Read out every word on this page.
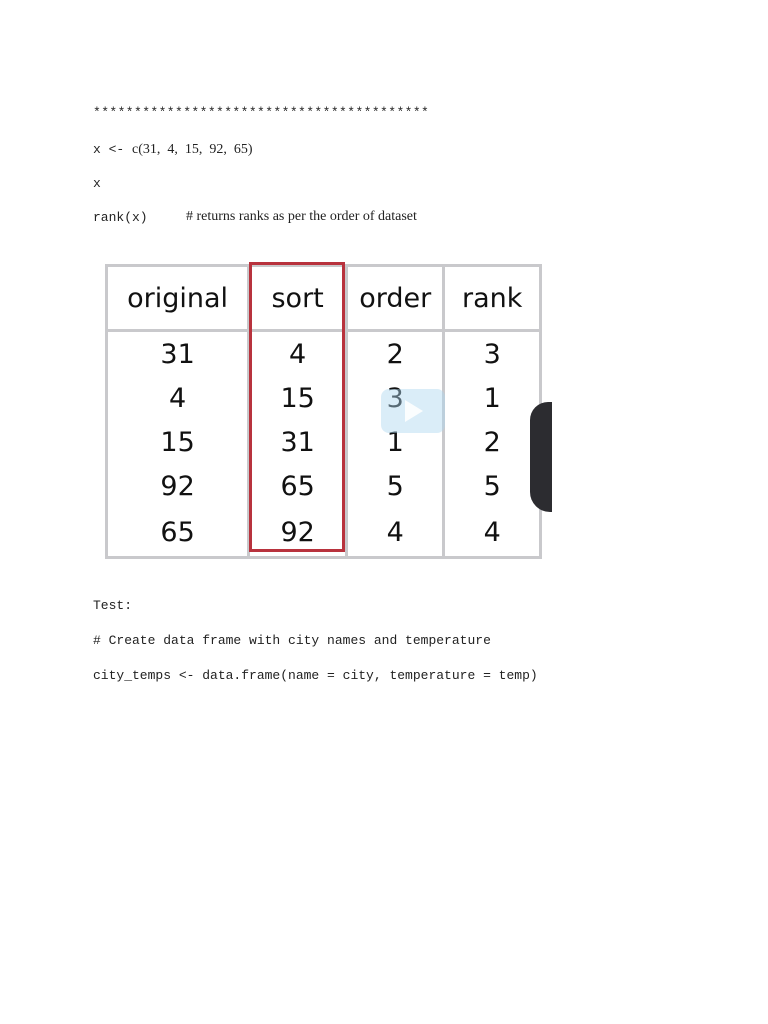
*****************************************
x <- c(31,  4,  15,  92,  65)
x
rank(x)	# returns ranks as per the order of dataset
original	sort	order	rank
31	4	2	3
4	15	3	1
15	31	1	2
92	65	5	5
65	92	4	4
Test:
# Create data frame with city names and temperature
city_temps <- data.frame(name = city, temperature = temp)
